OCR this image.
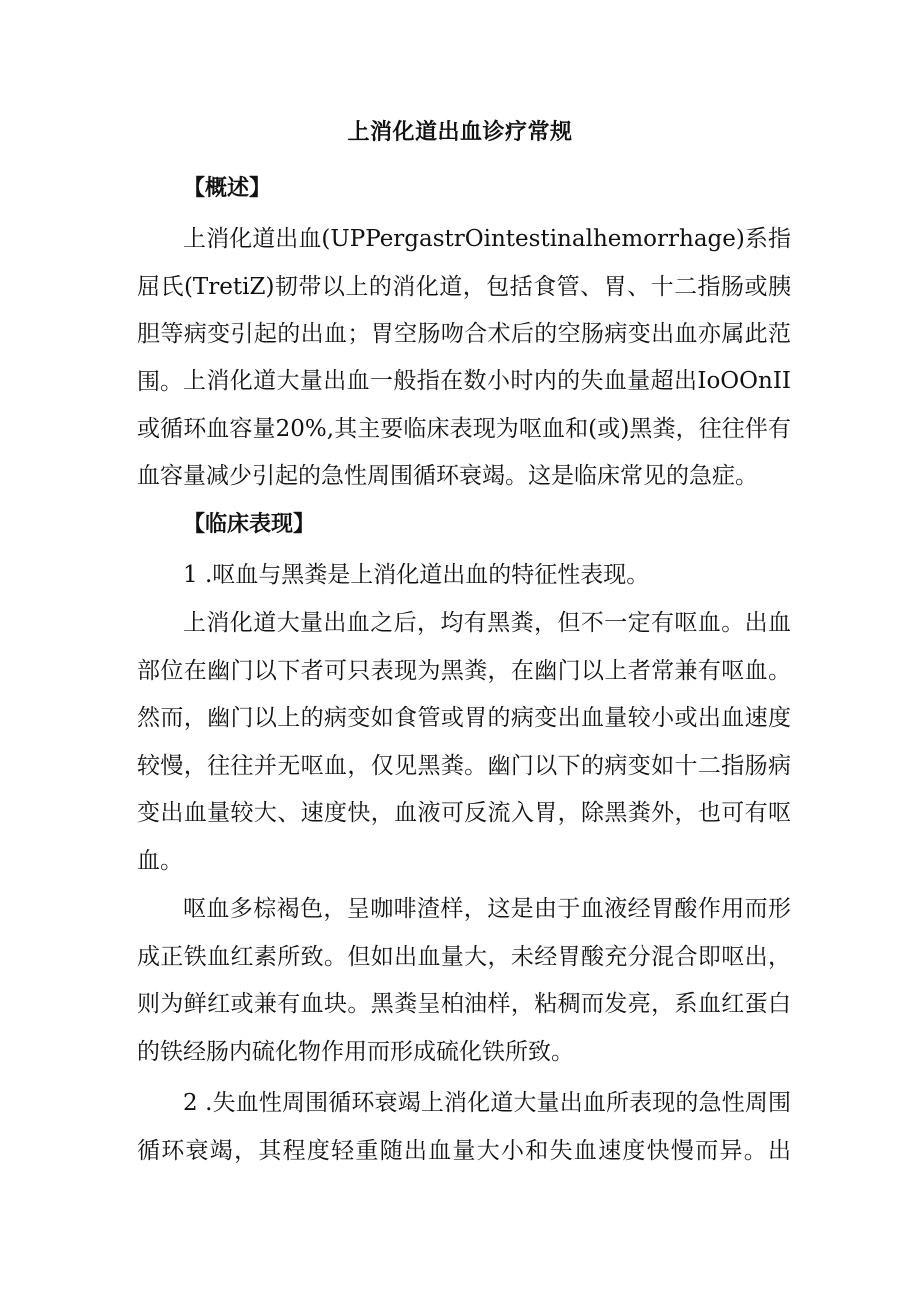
上消化道出血诊疗常规
【概述】

上消化道出血(UPPergastrOintestinalhemorrhage)系指屈氏(TretiZ)韧带以上的消化道，包括食管、胃、十二指肠或胰胆等病变引起的出血；胃空肠吻合术后的空肠病变出血亦属此范围。 上消化道大量出血一般指在数小时内的失血量超出IoOOnII或循环血容量20%,其主要临床表现为呕血和(或)黑粪，往往伴有血容量减少引起的急性周围循环衰竭。这是临床常见的急症。

【临床表现】

1 .呕血与黑粪是上消化道出血的特征性表现。

上消化道大量出血之后，均有黑粪，但不一定有呕血。出血部位在幽门以下者可只表现为黑粪，在幽门以上者常兼有呕血。然而，幽门以上的病变如食管或胃的病变出血量较小或出血速度较慢，往往并无呕血，仅见黑粪。幽门以下的病变如十二指肠病变出血量较大、速度快，血液可反流入胃，除黑粪外，也可有呕血。

呕血多棕褐色，呈咖啡渣样，这是由于血液经胃酸作用而形成正铁血红素所致。但如出血量大，未经胃酸充分混合即呕出，则为鲜红或兼有血块。黑粪呈柏油样，粘稠而发亮，系血红蛋白的铁经肠内硫化物作用而形成硫化铁所致。

2 .失血性周围循环衰竭上消化道大量出血所表现的急性周围循环衰竭，其程度轻重随出血量大小和失血速度快慢而异。出
